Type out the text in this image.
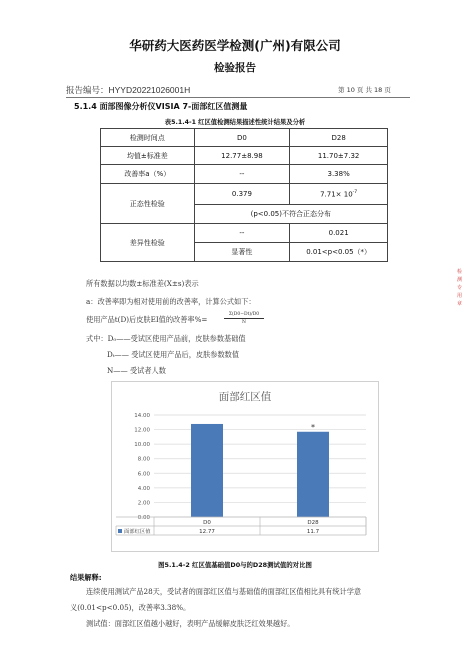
华研药大医药医学检测(广州)有限公司
检验报告
报告编号：HYYD20221026001H	第 10 页 共 18 页
5.1.4 面部图像分析仪VISIA 7-面部红区值测量
表5.1.4-1 红区值检测结果描述性统计结果及分析
检测时间点	D0	D28
均值±标准差	12.77±8.98	11.70±7.32
改善率a（%）	--	3.38%
正态性检验	0.379	$7.71\times 10^{-7}$
	(p<0.05)不符合正态分布	
差异性检验	--	0.021
	显著性	0.01<p<0.05（*）
所有数据以均数±标准差(X±s)表示
a：改善率即为相对使用前的改善率，计算公式如下：
使用产品t(D)后皮肤EI值的改善率%=
Σ(D0−Dt)/D0
N
式中：D₀——受试区使用产品前，皮肤参数基础值
Dₜ—— 受试区使用产品后，皮肤参数数值
N—— 受试者人数
面部红区值
0.00
2.00
4.00
6.00
8.00
10.00
12.00
14.00
*
D0
12.77
D28
11.7
面部红区值
图5.1.4-2 红区值基础值D0与的D28测试值的对比图
结果解释:
连续使用测试产品28天，受试者的面部红区值与基础值的面部红区值相比具有统计学意
义(0.01<p<0.05)，改善率3.38%。
测试值：面部红区值越小越好，表明产品缓解皮肤泛红效果越好。
检测专用章
